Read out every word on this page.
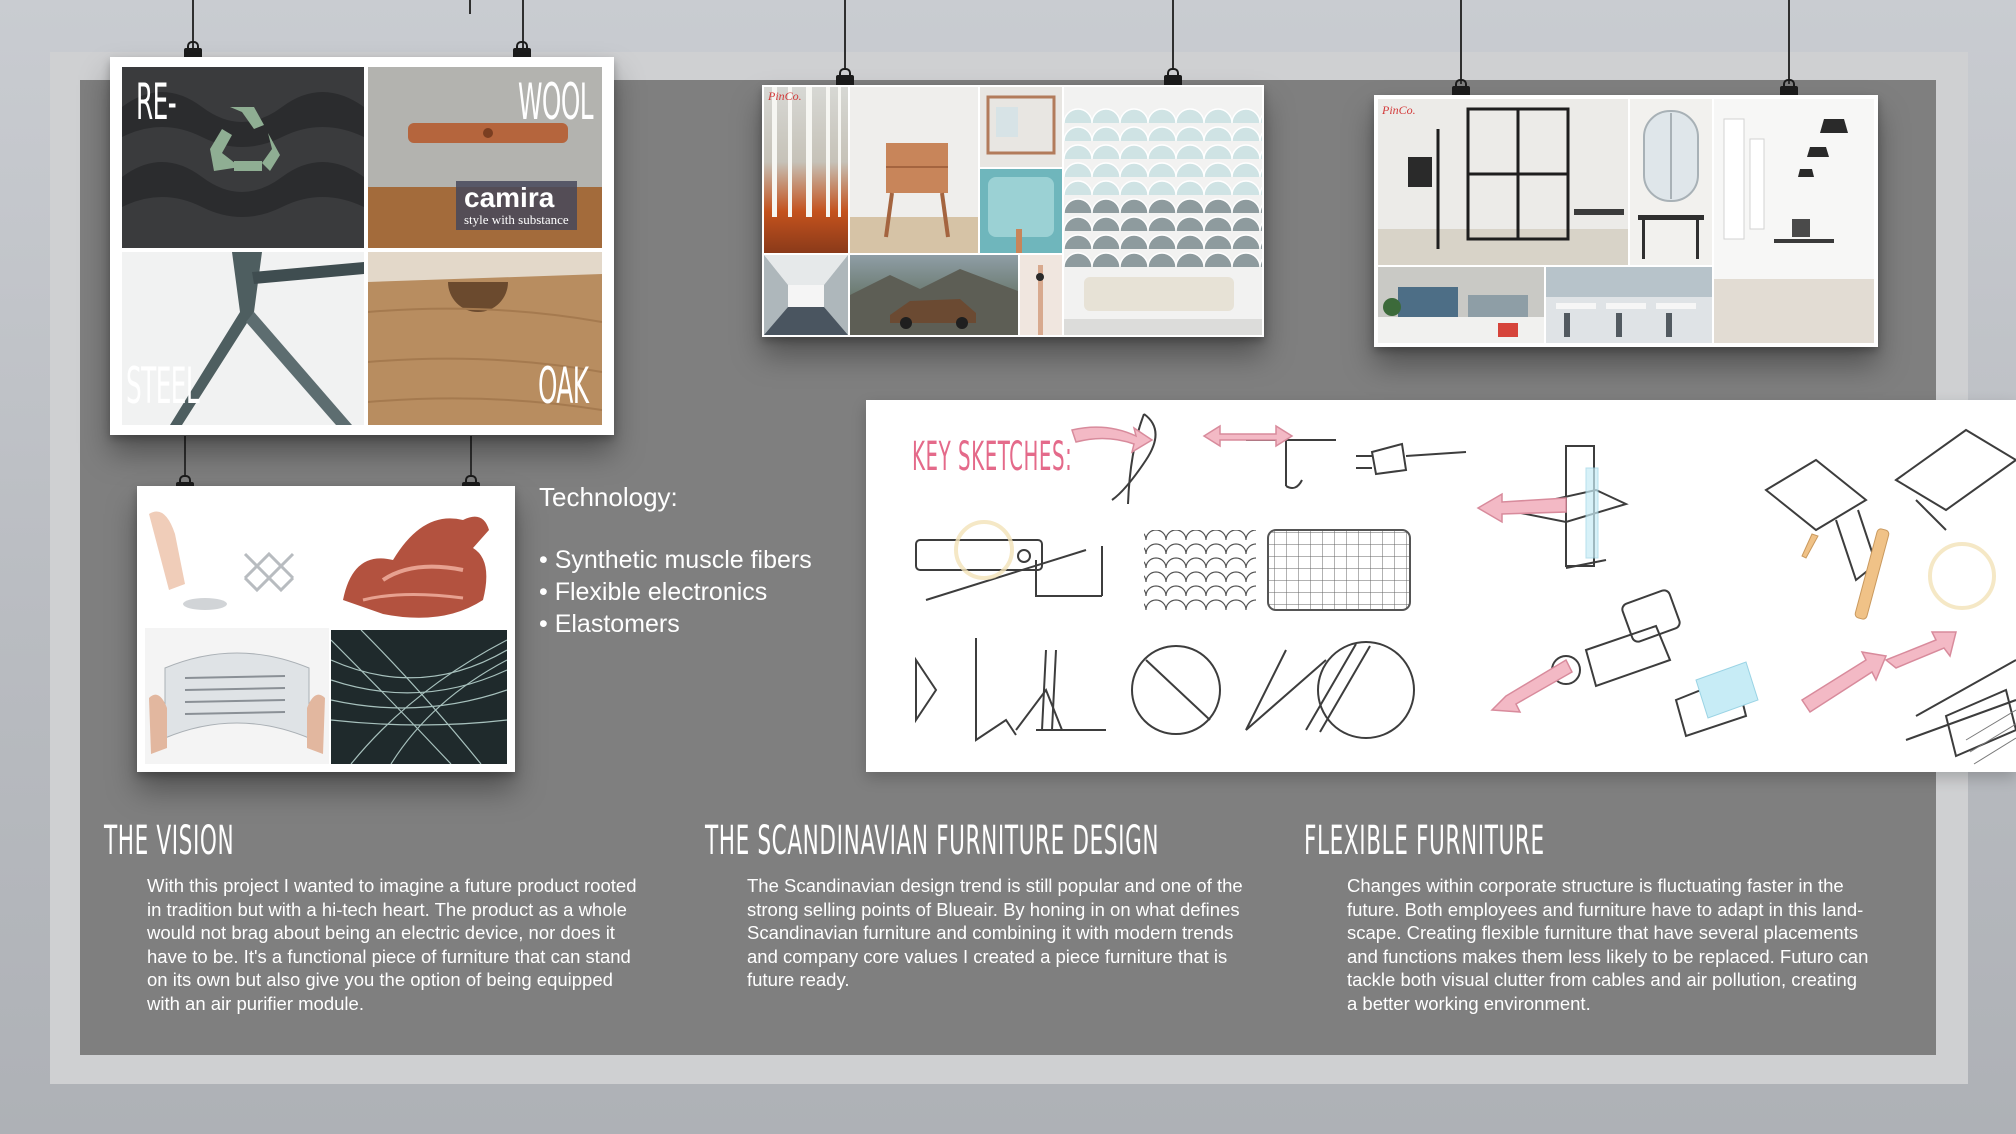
RE-	WOOL
camira
style with substance
STEEL	OAK
PinCo.
PinCo.
Technology:
• Synthetic muscle fibers
• Flexible electronics
• Elastomers
KEY SKETCHES:
THE VISION
With this project I wanted to imagine a future product rooted
in tradition but with a hi-tech heart. The product as a whole
would not brag about being an electric device, nor does it
have to be. It's a functional piece of furniture that can stand
on its own but also give you the option of being equipped
with an air purifier module.
THE SCANDINAVIAN FURNITURE DESIGN
The Scandinavian design trend is still popular and one of the
strong selling points of Blueair. By honing in on what defines
Scandinavian furniture and combining it with modern trends
and company core values I created a piece furniture that is
future ready.
FLEXIBLE FURNITURE
Changes within corporate structure is fluctuating faster in the
future. Both employees and furniture have to adapt in this land-
scape. Creating flexible furniture that have several placements
and functions makes them less likely to be replaced. Futuro can
tackle both visual clutter from cables and air pollution, creating
a better working environment.
